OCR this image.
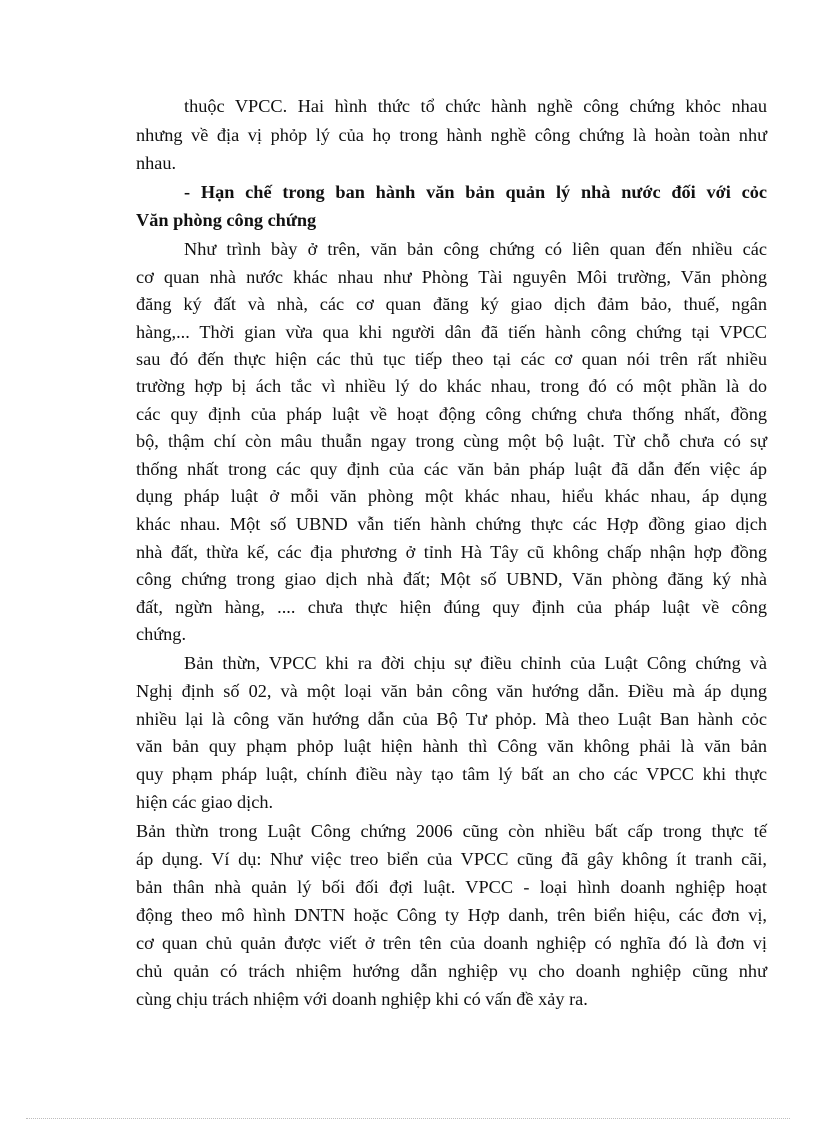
thuộc VPCC. Hai hình thức tổ chức hành nghề công chứng khỏc nhau
nhưng về địa vị phỏp lý của họ trong hành nghề công chứng là hoàn toàn như
nhau.
- Hạn chế trong ban hành văn bản quản lý nhà nước đối với cỏc
Văn phòng công chứng
Như trình bày ở trên, văn bản công chứng có liên quan đến nhiều các
cơ quan nhà nước khác nhau như Phòng Tài nguyên Môi trường, Văn phòng
đăng ký đất và nhà, các cơ quan đăng ký giao dịch đảm bảo, thuế, ngân
hàng,... Thời gian vừa qua khi người dân đã tiến hành công chứng tại VPCC
sau đó đến thực hiện các thủ tục tiếp theo tại các cơ quan nói trên rất nhiều
trường hợp bị ách tắc vì nhiều lý do khác nhau, trong đó có một phần là do
các quy định của pháp luật về hoạt động công chứng chưa thống nhất, đồng
bộ, thậm chí còn mâu thuẫn ngay trong cùng một bộ luật. Từ chỗ chưa có sự
thống nhất trong các quy định của các văn bản pháp luật đã dẫn đến việc áp
dụng pháp luật ở mỗi văn phòng một khác nhau, hiểu khác nhau, áp dụng
khác nhau. Một số UBND vẫn tiến hành chứng thực các Hợp đồng giao dịch
nhà đất, thừa kế, các địa phương ở tỉnh Hà Tây cũ không chấp nhận hợp đồng
công chứng trong giao dịch nhà đất; Một số UBND, Văn phòng đăng ký nhà
đất, ngừn hàng, .... chưa thực hiện đúng quy định của pháp luật về công
chứng.
Bản thừn, VPCC khi ra đời chịu sự điều chỉnh của Luật Công chứng và
Nghị định số 02, và một loại văn bản công văn hướng dẫn. Điều mà áp dụng
nhiều lại là công văn hướng dẫn của Bộ Tư phỏp. Mà theo Luật Ban hành cỏc
văn bản quy phạm phỏp luật hiện hành thì Công văn không phải là văn bản
quy phạm pháp luật, chính điều này tạo tâm lý bất an cho các VPCC khi thực
hiện các giao dịch.
Bản thừn trong Luật Công chứng 2006 cũng còn nhiều bất cấp trong thực tế
áp dụng. Ví dụ: Như việc treo biển của VPCC cũng đã gây không ít tranh cãi,
bản thân nhà quản lý bối đối đợi luật. VPCC - loại hình doanh nghiệp hoạt
động theo mô hình DNTN hoặc Công ty Hợp danh, trên biển hiệu, các đơn vị,
cơ quan chủ quản được viết ở trên tên của doanh nghiệp có nghĩa đó là đơn vị
chủ quản có trách nhiệm hướng dẫn nghiệp vụ cho doanh nghiệp cũng như
cùng chịu trách nhiệm với doanh nghiệp khi có vấn đề xảy ra.
